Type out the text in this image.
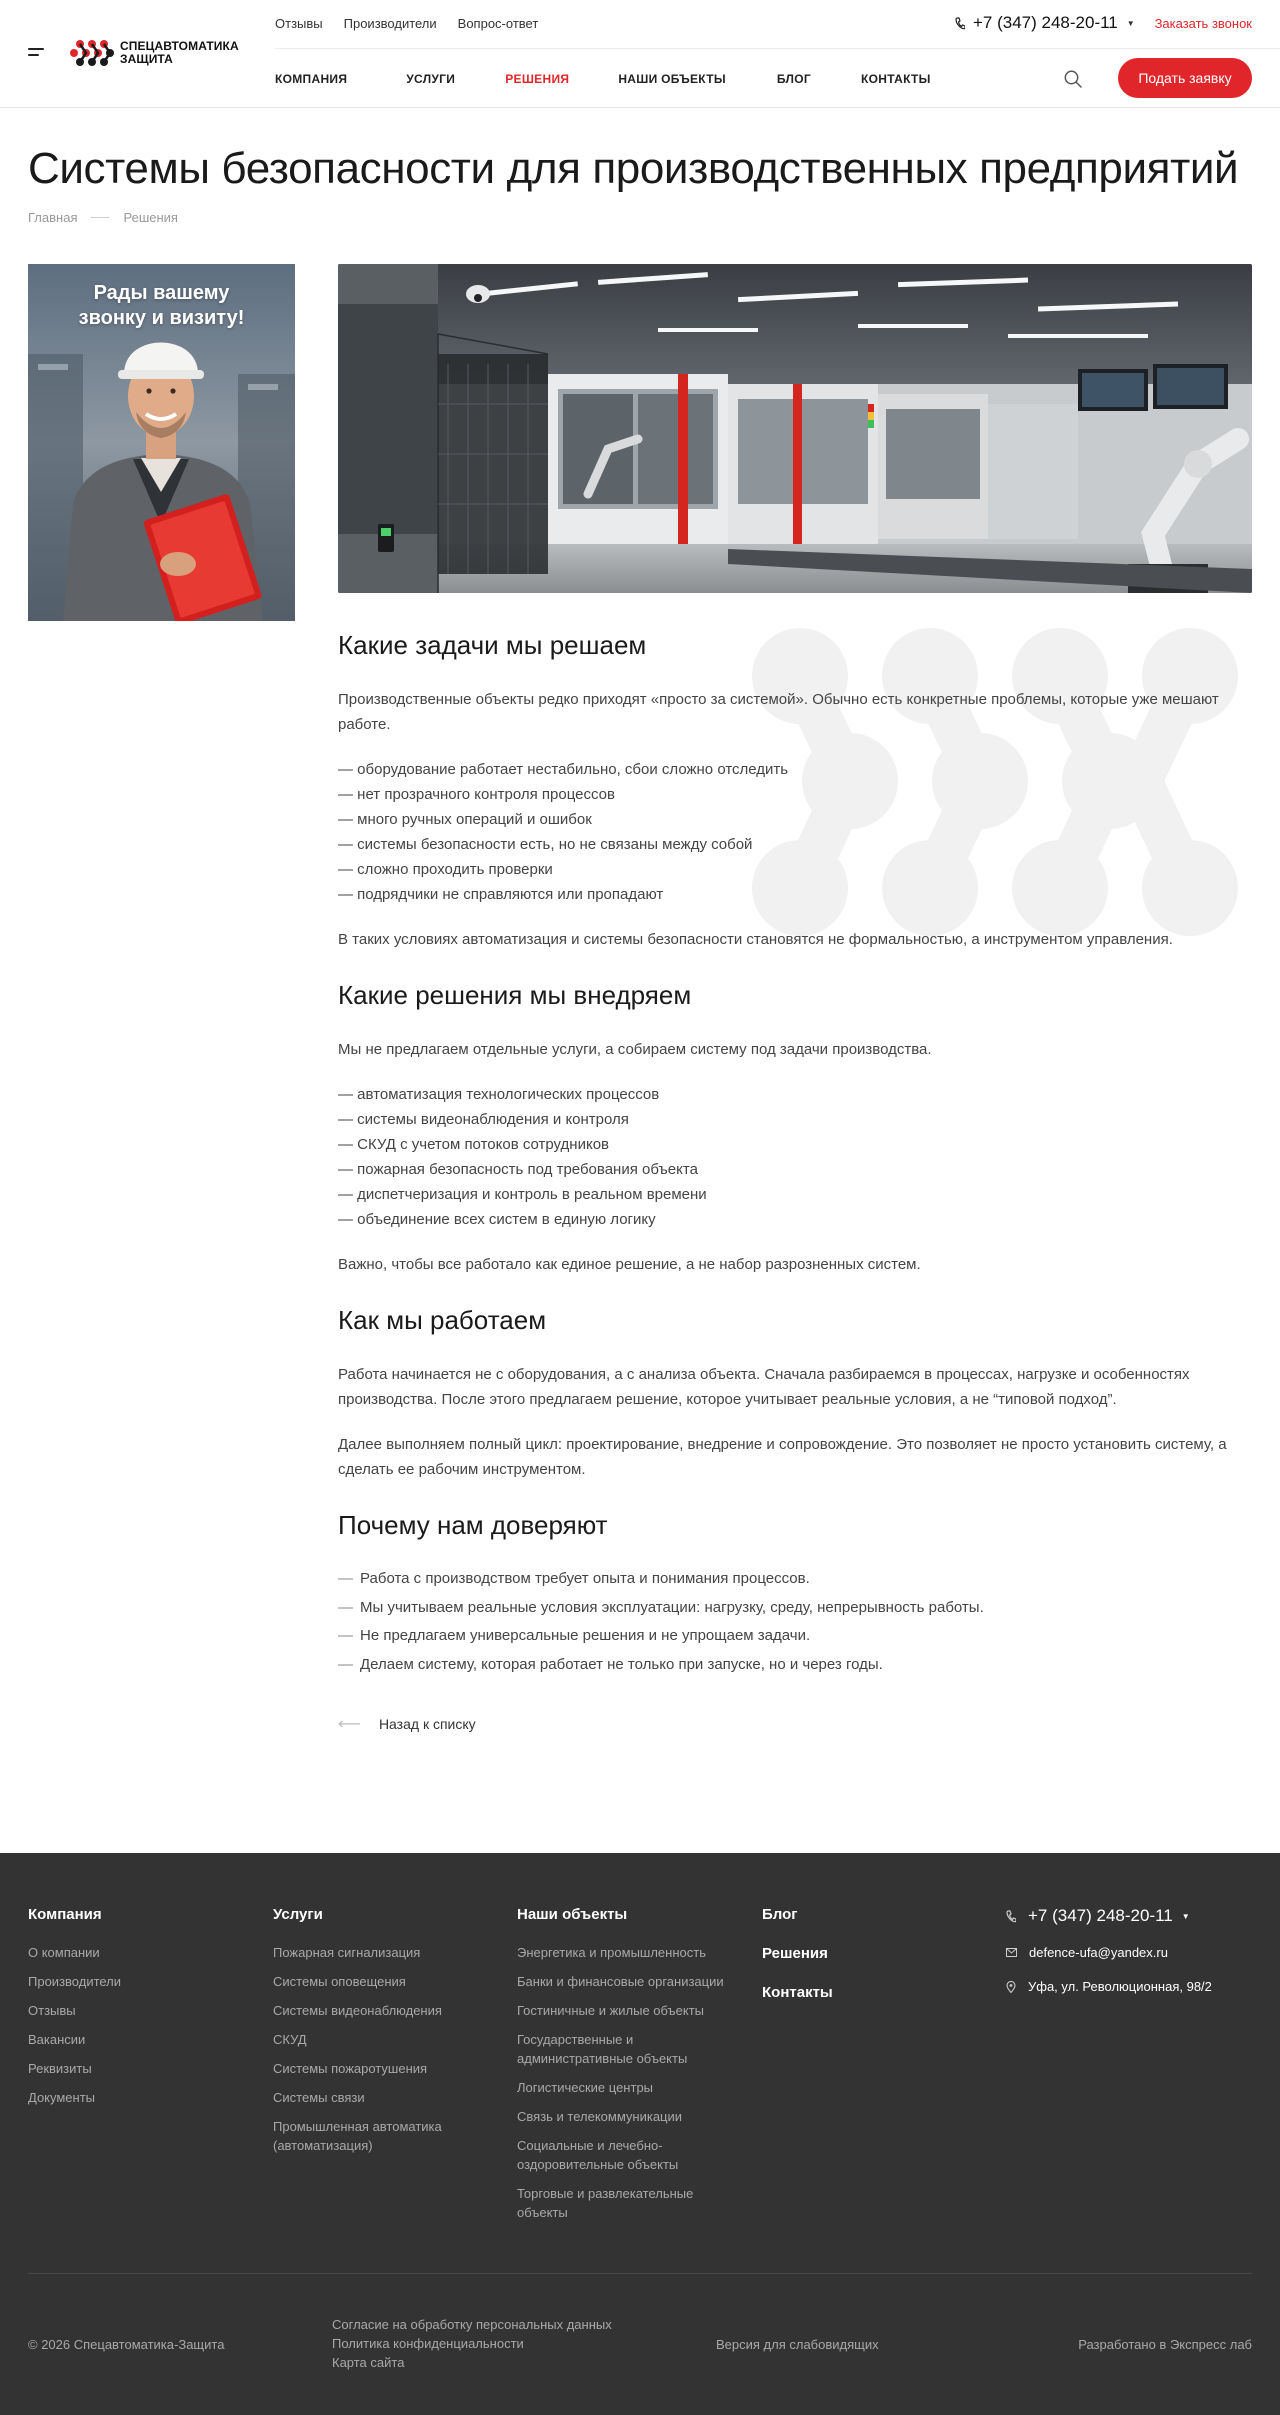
СПЕЦАВТОМАТИКА
ЗАЩИТА
Отзывы Производители Вопрос-ответ	+7 (347) 248-20-11 ▼ Заказать звонок
КОМПАНИЯ	УСЛУГИ	РЕШЕНИЯ	НАШИ ОБЪЕКТЫ	БЛОГ	КОНТАКТЫ	Подать заявку
Системы безопасности для производственных предприятий
Главная	Решения
Рады вашему
звонку и визиту!
Какие задачи мы решаем

Производственные объекты редко приходят «просто за системой». Обычно есть конкретные проблемы, которые уже мешают работе.

— оборудование работает нестабильно, сбои сложно отследить
— нет прозрачного контроля процессов
— много ручных операций и ошибок
— системы безопасности есть, но не связаны между собой
— сложно проходить проверки
— подрядчики не справляются или пропадают

В таких условиях автоматизация и системы безопасности становятся не формальностью, а инструментом управления.

Какие решения мы внедряем

Мы не предлагаем отдельные услуги, а собираем систему под задачи производства.

— автоматизация технологических процессов
— системы видеонаблюдения и контроля
— СКУД с учетом потоков сотрудников
— пожарная безопасность под требования объекта
— диспетчеризация и контроль в реальном времени
— объединение всех систем в единую логику

Важно, чтобы все работало как единое решение, а не набор разрозненных систем.

Как мы работаем

Работа начинается не с оборудования, а с анализа объекта. Сначала разбираемся в процессах, нагрузке и особенностях производства. После этого предлагаем решение, которое учитывает реальные условия, а не “типовой подход”.

Далее выполняем полный цикл: проектирование, внедрение и сопровождение. Это позволяет не просто установить систему, а сделать ее рабочим инструментом.

Почему нам доверяют
— Работа с производством требует опыта и понимания процессов.
— Мы учитываем реальные условия эксплуатации: нагрузку, среду, непрерывность работы.
— Не предлагаем универсальные решения и не упрощаем задачи.
— Делаем систему, которая работает не только при запуске, но и через годы.
⟵ Назад к списку
Компания
О компании
Производители
Отзывы
Вакансии
Реквизиты
Документы
Услуги
Пожарная сигнализация
Системы оповещения
Системы видеонаблюдения
СКУД
Системы пожаротушения
Системы связи
Промышленная автоматика (автоматизация)
Наши объекты
Энергетика и промышленность
Банки и финансовые организации
Гостиничные и жилые объекты
Государственные и административные объекты
Логистические центры
Связь и телекоммуникации
Социальные и лечебно-оздоровительные объекты
Торговые и развлекательные объекты
Блог
Решения
Контакты
+7 (347) 248-20-11 ▼
defence-ufa@yandex.ru
Уфа, ул. Революционная, 98/2
© 2026 Спецавтоматика-Защита
Согласие на обработку персональных данных
Политика конфиденциальности
Карта сайта
Версия для слабовидящих	Разработано в Экспресс лаб
